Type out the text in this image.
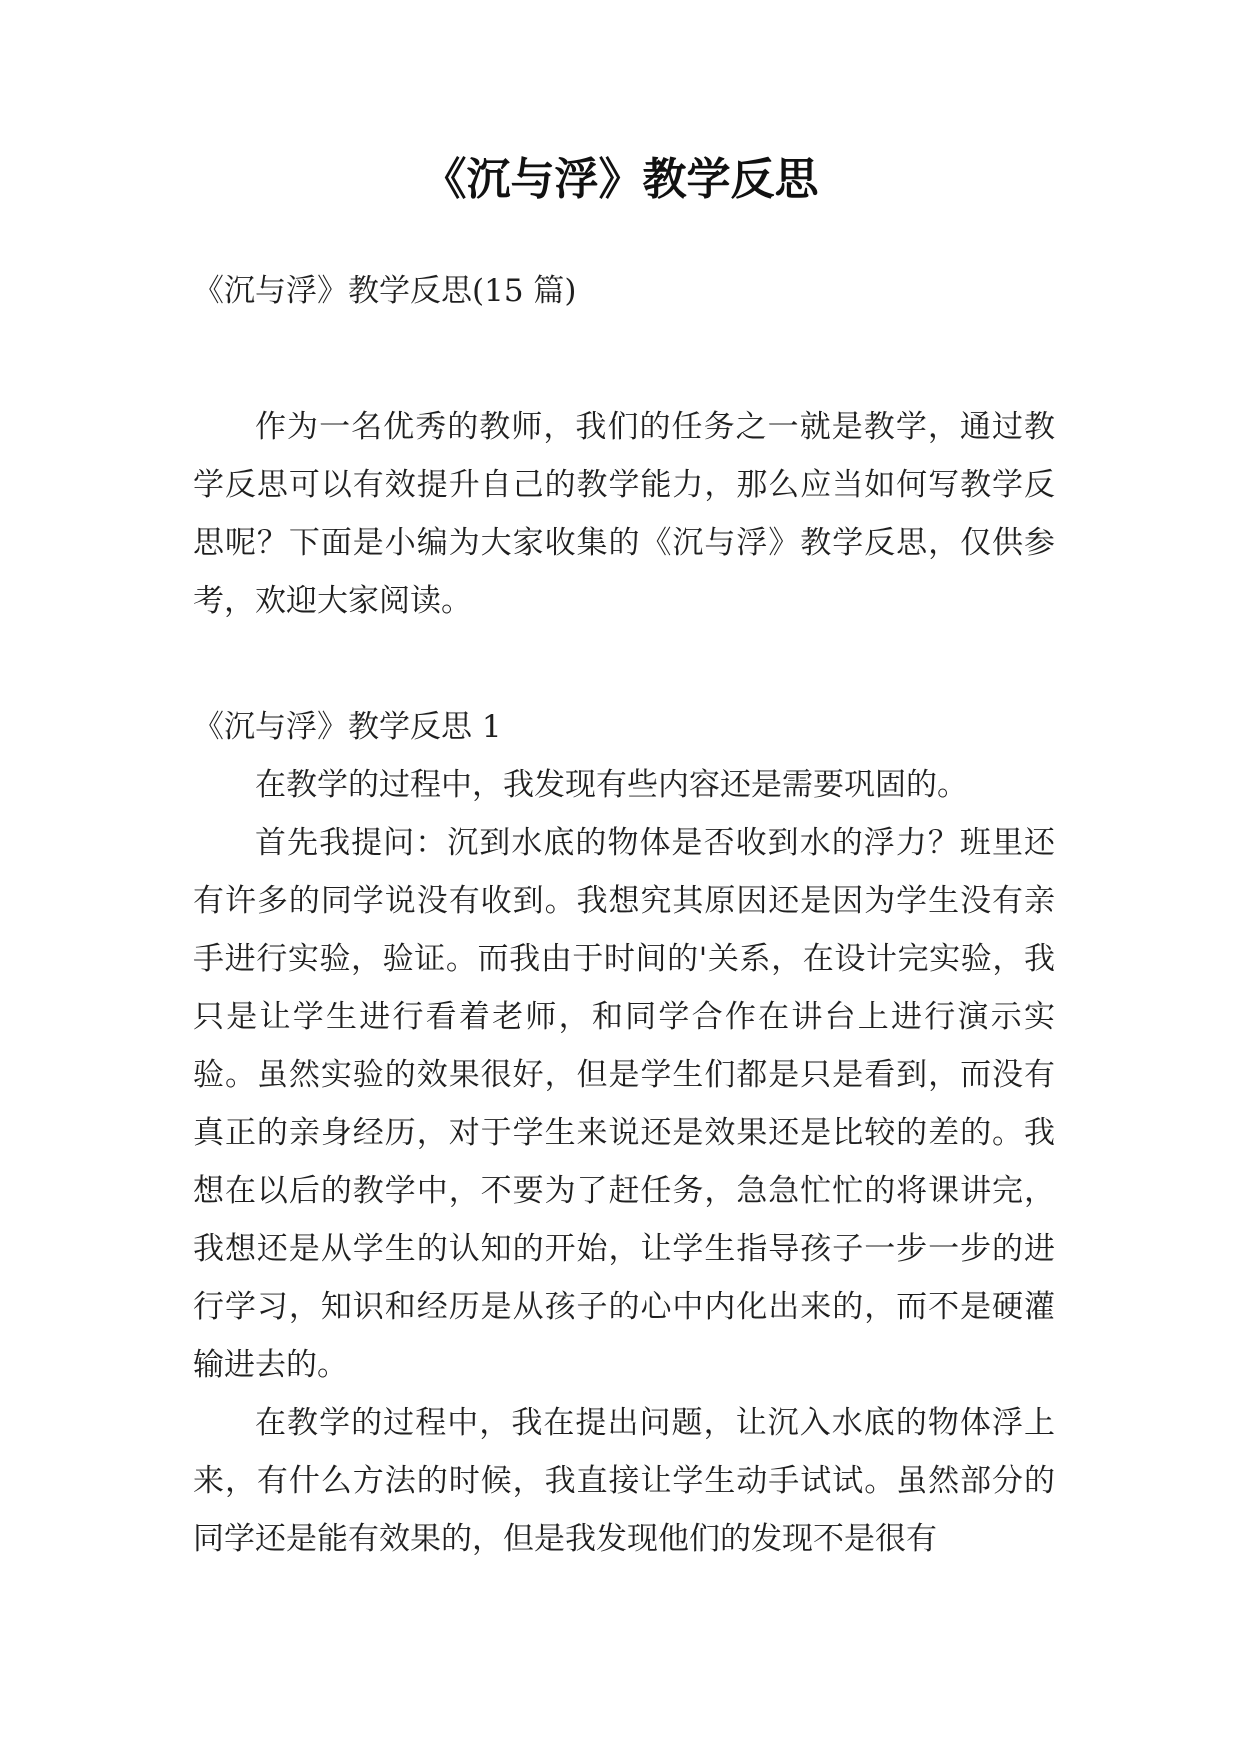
《沉与浮》教学反思
《沉与浮》教学反思(15 篇)
作为一名优秀的教师，我们的任务之一就是教学，通过教学反思可以有效提升自己的教学能力，那么应当如何写教学反思呢？下面是小编为大家收集的《沉与浮》教学反思，仅供参考，欢迎大家阅读。
《沉与浮》教学反思 1

在教学的过程中，我发现有些内容还是需要巩固的。

首先我提问：沉到水底的物体是否收到水的浮力？班里还有许多的同学说没有收到。我想究其原因还是因为学生没有亲手进行实验，验证。而我由于时间的'关系，在设计完实验，我只是让学生进行看着老师，和同学合作在讲台上进行演示实验。虽然实验的效果很好，但是学生们都是只是看到，而没有真正的亲身经历，对于学生来说还是效果还是比较的差的。我想在以后的教学中，不要为了赶任务，急急忙忙的将课讲完，我想还是从学生的认知的开始，让学生指导孩子一步一步的进行学习，知识和经历是从孩子的心中内化出来的，而不是硬灌输进去的。

在教学的过程中，我在提出问题，让沉入水底的物体浮上来，有什么方法的时候，我直接让学生动手试试。虽然部分的同学还是能有效果的，但是我发现他们的发现不是很有
